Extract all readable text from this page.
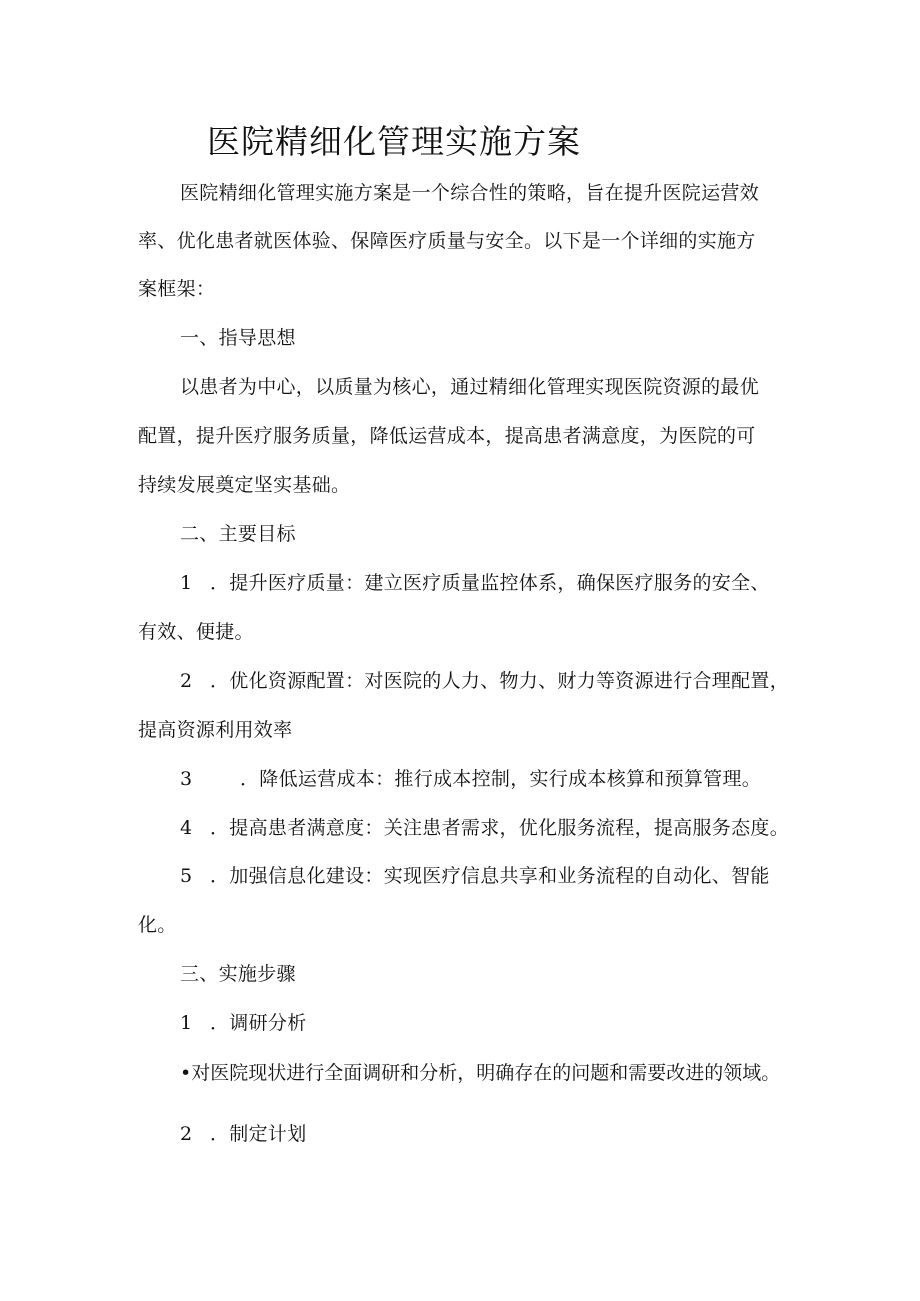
医院精细化管理实施方案

医院精细化管理实施方案是一个综合性的策略，旨在提升医院运营效

率、优化患者就医体验、保障医疗质量与安全。以下是一个详细的实施方

案框架：

一、指导思想

以患者为中心，以质量为核心，通过精细化管理实现医院资源的最优

配置，提升医疗服务质量，降低运营成本，提高患者满意度，为医院的可

持续发展奠定坚实基础。

二、主要目标

1 ．提升医疗质量：建立医疗质量监控体系，确保医疗服务的安全、

有效、便捷。

2 ．优化资源配置：对医院的人力、物力、财力等资源进行合理配置，

提高资源利用效率

3	．降低运营成本：推行成本控制，实行成本核算和预算管理。

4 ．提高患者满意度：关注患者需求，优化服务流程，提高服务态度。

5 ．加强信息化建设：实现医疗信息共享和业务流程的自动化、智能

化。

三、实施步骤

1 ．调研分析

•对医院现状进行全面调研和分析，明确存在的问题和需要改进的领域。

2 ．制定计划
